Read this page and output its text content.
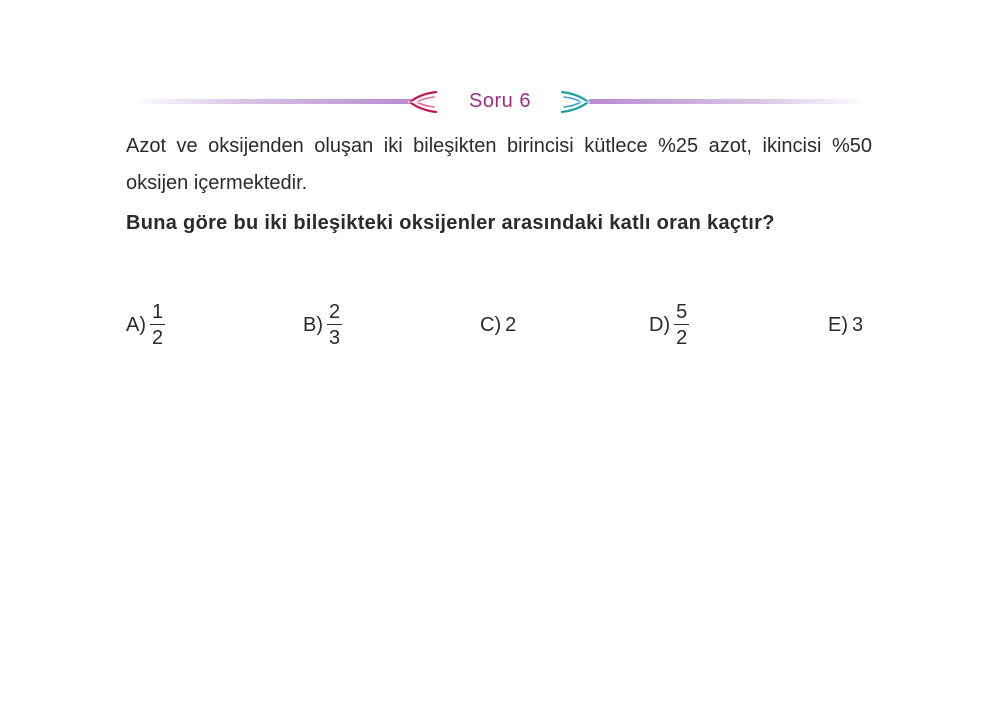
Soru 6

Azot ve oksijenden oluşan iki bileşikten birincisi kütlece %25 azot, ikincisi %50 oksijen içermektedir.

Buna göre bu iki bileşikteki oksijenler arasındaki katlı oran kaçtır?

$A) \frac{1}{2}$	$B) \frac{2}{3}$	C) 2	$D) \frac{5}{2}$	E) 3
